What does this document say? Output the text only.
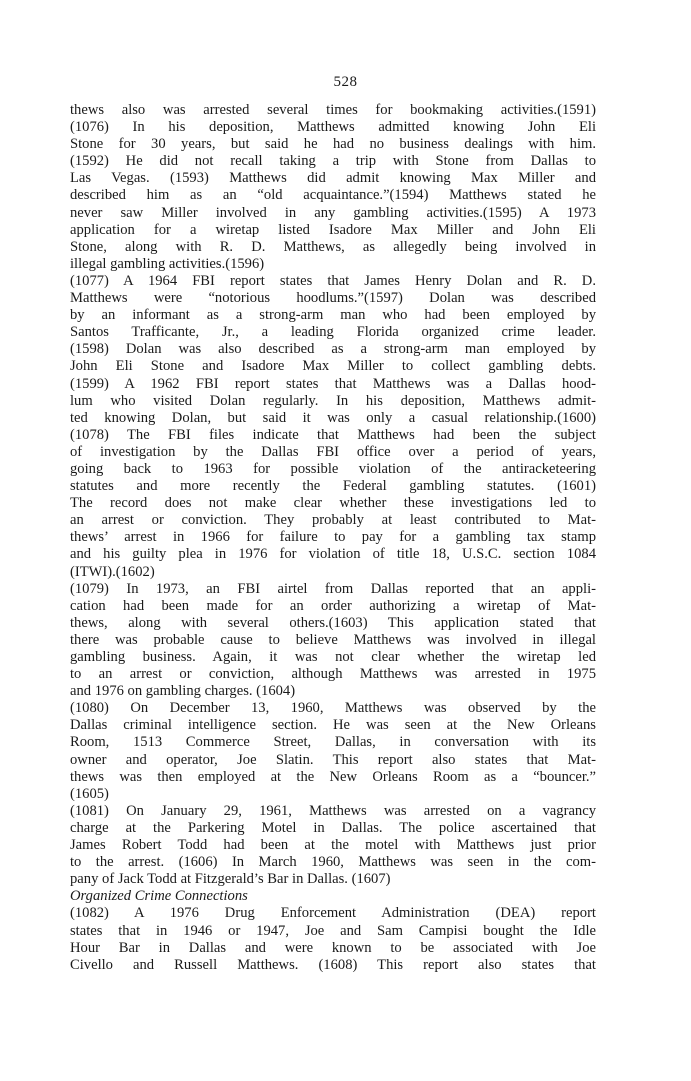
528
thews also was arrested several times for bookmaking activities.(1591)
(1076) In his deposition, Matthews admitted knowing John Eli
Stone for 30 years, but said he had no business dealings with him.
(1592) He did not recall taking a trip with Stone from Dallas to
Las Vegas. (1593) Matthews did admit knowing Max Miller and
described him as an “old acquaintance.”(1594) Matthews stated he
never saw Miller involved in any gambling activities.(1595) A 1973
application for a wiretap listed Isadore Max Miller and John Eli
Stone, along with R. D. Matthews, as allegedly being involved in
illegal gambling activities.(1596)
(1077) A 1964 FBI report states that James Henry Dolan and R. D.
Matthews were “notorious hoodlums.”(1597) Dolan was described
by an informant as a strong-arm man who had been employed by
Santos Trafficante, Jr., a leading Florida organized crime leader.
(1598) Dolan was also described as a strong-arm man employed by
John Eli Stone and Isadore Max Miller to collect gambling debts.
(1599) A 1962 FBI report states that Matthews was a Dallas hood-
lum who visited Dolan regularly. In his deposition, Matthews admit-
ted knowing Dolan, but said it was only a casual relationship.(1600)
(1078) The FBI files indicate that Matthews had been the subject
of investigation by the Dallas FBI office over a period of years,
going back to 1963 for possible violation of the antiracketeering
statutes and more recently the Federal gambling statutes. (1601)
The record does not make clear whether these investigations led to
an arrest or conviction. They probably at least contributed to Mat-
thews’ arrest in 1966 for failure to pay for a gambling tax stamp
and his guilty plea in 1976 for violation of title 18, U.S.C. section 1084
(ITWI).(1602)
(1079) In 1973, an FBI airtel from Dallas reported that an appli-
cation had been made for an order authorizing a wiretap of Mat-
thews, along with several others.(1603) This application stated that
there was probable cause to believe Matthews was involved in illegal
gambling business. Again, it was not clear whether the wiretap led
to an arrest or conviction, although Matthews was arrested in 1975
and 1976 on gambling charges. (1604)
(1080) On December 13, 1960, Matthews was observed by the
Dallas criminal intelligence section. He was seen at the New Orleans
Room, 1513 Commerce Street, Dallas, in conversation with its
owner and operator, Joe Slatin. This report also states that Mat-
thews was then employed at the New Orleans Room as a “bouncer.”
(1605)
(1081) On January 29, 1961, Matthews was arrested on a vagrancy
charge at the Parkering Motel in Dallas. The police ascertained that
James Robert Todd had been at the motel with Matthews just prior
to the arrest. (1606) In March 1960, Matthews was seen in the com-
pany of Jack Todd at Fitzgerald’s Bar in Dallas. (1607)
Organized Crime Connections
(1082) A 1976 Drug Enforcement Administration (DEA) report
states that in 1946 or 1947, Joe and Sam Campisi bought the Idle
Hour Bar in Dallas and were known to be associated with Joe
Civello and Russell Matthews. (1608) This report also states that
